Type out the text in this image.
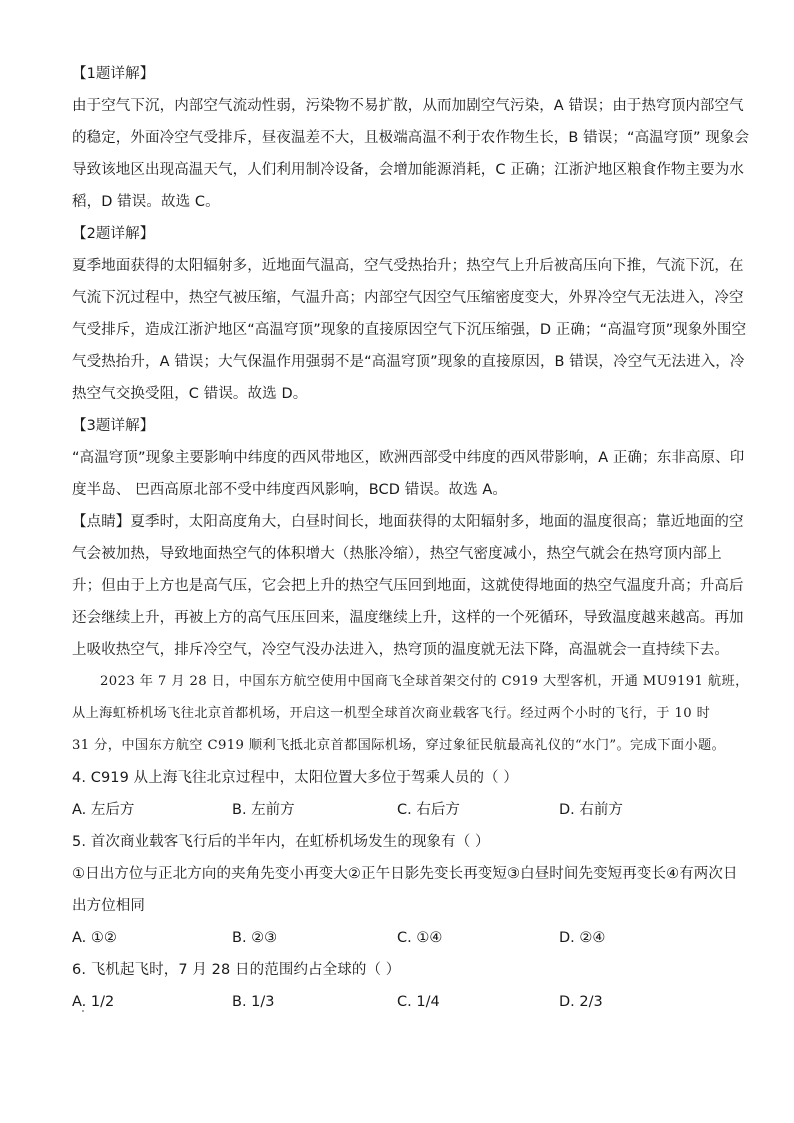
【1题详解】
由于空气下沉，内部空气流动性弱，污染物不易扩散，从而加剧空气污染，A 错误；由于热穹顶内部空气
的稳定，外面冷空气受排斥，昼夜温差不大，且极端高温不利于农作物生长，B 错误；“高温穹顶” 现象会
导致该地区出现高温天气，人们利用制冷设备，会增加能源消耗，C 正确；江浙沪地区粮食作物主要为水
稻，D 错误。故选 C。
【2题详解】
夏季地面获得的太阳辐射多，近地面气温高，空气受热抬升；热空气上升后被高压向下推，气流下沉，在
气流下沉过程中，热空气被压缩，气温升高；内部空气因空气压缩密度变大，外界冷空气无法进入，冷空
气受排斥，造成江浙沪地区“高温穹顶”现象的直接原因空气下沉压缩强，D 正确；“高温穹顶”现象外围空
气受热抬升，A 错误；大气保温作用强弱不是“高温穹顶”现象的直接原因，B 错误，冷空气无法进入，冷
热空气交换受阻，C 错误。故选 D。
【3题详解】
“高温穹顶”现象主要影响中纬度的西风带地区，欧洲西部受中纬度的西风带影响，A 正确；东非高原、印
度半岛、 巴西高原北部不受中纬度西风影响，BCD 错误。故选 A。
【点睛】夏季时，太阳高度角大，白昼时间长，地面获得的太阳辐射多，地面的温度很高；靠近地面的空
气会被加热，导致地面热空气的体积增大（热胀冷缩），热空气密度减小，热空气就会在热穹顶内部上
升；但由于上方也是高气压，它会把上升的热空气压回到地面，这就使得地面的热空气温度升高；升高后
还会继续上升，再被上方的高气压压回来，温度继续上升，这样的一个死循环，导致温度越来越高。再加
上吸收热空气，排斥冷空气，冷空气没办法进入，热穹顶的温度就无法下降，高温就会一直持续下去。
2023 年 7 月 28 日，中国东方航空使用中国商飞全球首架交付的 C919 大型客机，开通 MU9191 航班，
从上海虹桥机场飞往北京首都机场，开启这一机型全球首次商业载客飞行。经过两个小时的飞行，于 10 时
31 分，中国东方航空 C919 顺利飞抵北京首都国际机场，穿过象征民航最高礼仪的“水门”。完成下面小题。
4. C919 从上海飞往北京过程中，太阳位置大多位于驾乘人员的（ ）
A. 左后方	B. 左前方	C. 右后方	D. 右前方
5. 首次商业载客飞行后的半年内，在虹桥机场发生的现象有（ ）
①日出方位与正北方向的夹角先变小再变大②正午日影先变长再变短③白昼时间先变短再变长④有两次日
出方位相同
A. ①②	B. ②③	C. ①④	D. ②④
6. 飞机起飞时，7 月 28 日的范围约占全球的（ ）
A. 1/2	B. 1/3	C. 1/4	D. 2/3
